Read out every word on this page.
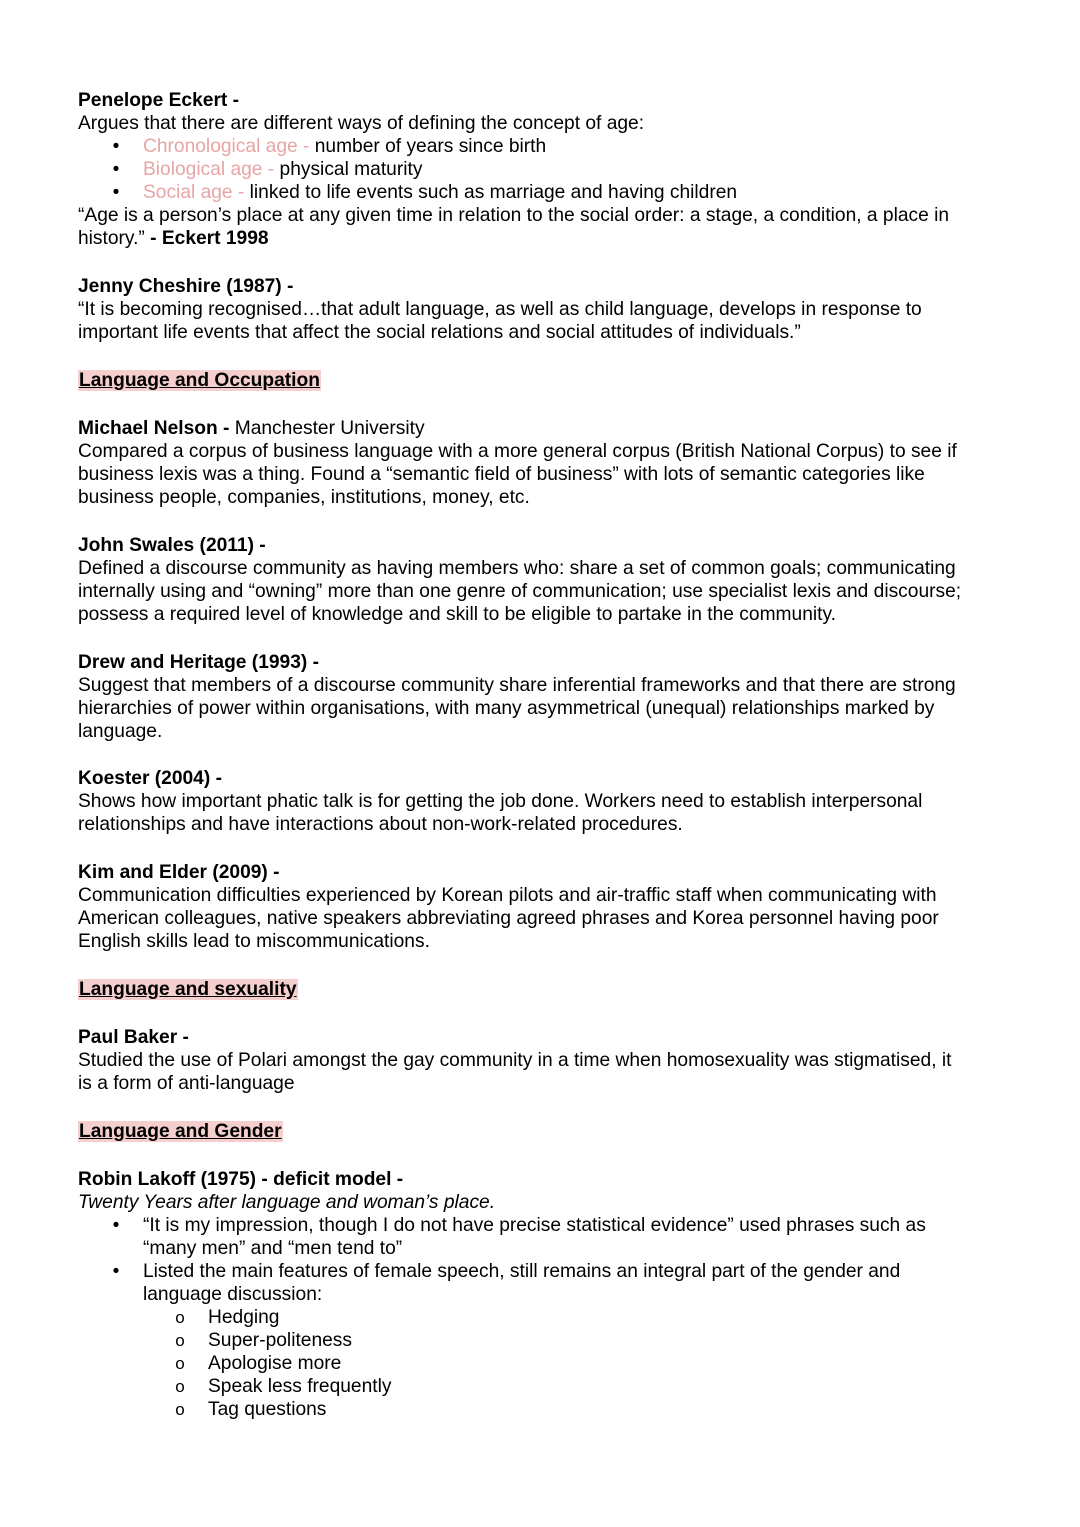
Penelope Eckert -
Argues that there are different ways of defining the concept of age:
• Chronological age - number of years since birth
• Biological age - physical maturity
• Social age - linked to life events such as marriage and having children
“Age is a person’s place at any given time in relation to the social order: a stage, a condition, a place in
history.” - Eckert 1998
Jenny Cheshire (1987) -
“It is becoming recognised…that adult language, as well as child language, develops in response to
important life events that affect the social relations and social attitudes of individuals.”
Language and Occupation
Michael Nelson - Manchester University
Compared a corpus of business language with a more general corpus (British National Corpus) to see if
business lexis was a thing. Found a “semantic field of business” with lots of semantic categories like
business people, companies, institutions, money, etc.
John Swales (2011) -
Defined a discourse community as having members who: share a set of common goals; communicating
internally using and “owning” more than one genre of communication; use specialist lexis and discourse;
possess a required level of knowledge and skill to be eligible to partake in the community.
Drew and Heritage (1993) -
Suggest that members of a discourse community share inferential frameworks and that there are strong
hierarchies of power within organisations, with many asymmetrical (unequal) relationships marked by
language.
Koester (2004) -
Shows how important phatic talk is for getting the job done. Workers need to establish interpersonal
relationships and have interactions about non-work-related procedures.
Kim and Elder (2009) -
Communication difficulties experienced by Korean pilots and air-traffic staff when communicating with
American colleagues, native speakers abbreviating agreed phrases and Korea personnel having poor
English skills lead to miscommunications.
Language and sexuality
Paul Baker -
Studied the use of Polari amongst the gay community in a time when homosexuality was stigmatised, it
is a form of anti-language
Language and Gender
Robin Lakoff (1975) - deficit model -
Twenty Years after language and woman’s place.
• “It is my impression, though I do not have precise statistical evidence” used phrases such as
“many men” and “men tend to”
• Listed the main features of female speech, still remains an integral part of the gender and
language discussion:
o Hedging
o Super-politeness
o Apologise more
o Speak less frequently
o Tag questions
